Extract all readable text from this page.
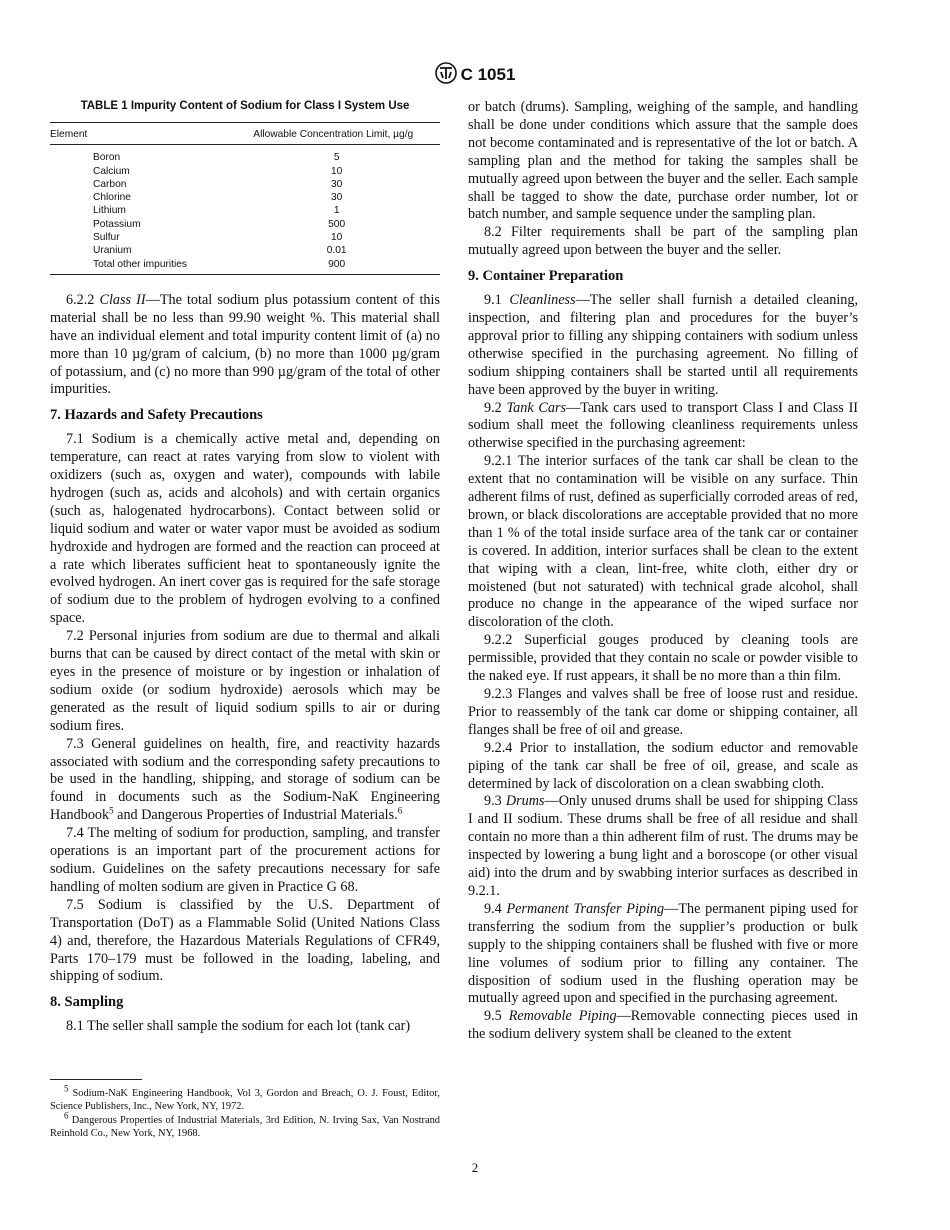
C 1051
TABLE 1 Impurity Content of Sodium for Class I System Use
Element	Allowable Concentration Limit, µg/g
Boron	5
Calcium	10
Carbon	30
Chlorine	30
Lithium	1
Potassium	500
Sulfur	10
Uranium	0.01
Total other impurities	900

6.2.2 Class II—The total sodium plus potassium content of this material shall be no less than 99.90 weight %. This material shall have an individual element and total impurity content limit of (a) no more than 10 µg/gram of calcium, (b) no more than 1000 µg/gram of potassium, and (c) no more than 990 µg/gram of the total of other impurities.

7. Hazards and Safety Precautions

7.1 Sodium is a chemically active metal and, depending on temperature, can react at rates varying from slow to violent with oxidizers (such as, oxygen and water), compounds with labile hydrogen (such as, acids and alcohols) and with certain organics (such as, halogenated hydrocarbons). Contact between solid or liquid sodium and water or water vapor must be avoided as sodium hydroxide and hydrogen are formed and the reaction can proceed at a rate which liberates sufficient heat to spontaneously ignite the evolved hydrogen. An inert cover gas is required for the safe storage of sodium due to the problem of hydrogen evolving to a confined space.

7.2 Personal injuries from sodium are due to thermal and alkali burns that can be caused by direct contact of the metal with skin or eyes in the presence of moisture or by ingestion or inhalation of sodium oxide (or sodium hydroxide) aerosols which may be generated as the result of liquid sodium spills to air or during sodium fires.

7.3 General guidelines on health, fire, and reactivity hazards associated with sodium and the corresponding safety precautions to be used in the handling, shipping, and storage of sodium can be found in documents such as the Sodium-NaK Engineering Handbook$^5$ and Dangerous Properties of Industrial Materials.$^6$

7.4 The melting of sodium for production, sampling, and transfer operations is an important part of the procurement actions for sodium. Guidelines on the safety precautions necessary for safe handling of molten sodium are given in Practice G 68.

7.5 Sodium is classified by the U.S. Department of Transportation (DoT) as a Flammable Solid (United Nations Class 4) and, therefore, the Hazardous Materials Regulations of CFR49, Parts 170–179 must be followed in the loading, labeling, and shipping of sodium.

8. Sampling

8.1 The seller shall sample the sodium for each lot (tank car)

$^5$ Sodium-NaK Engineering Handbook, Vol 3, Gordon and Breach, O. J. Foust, Editor, Science Publishers, Inc., New York, NY, 1972.

$^6$ Dangerous Properties of Industrial Materials, 3rd Edition, N. Irving Sax, Van Nostrand Reinhold Co., New York, NY, 1968.

or batch (drums). Sampling, weighing of the sample, and handling shall be done under conditions which assure that the sample does not become contaminated and is representative of the lot or batch. A sampling plan and the method for taking the samples shall be mutually agreed upon between the buyer and the seller. Each sample shall be tagged to show the date, purchase order number, lot or batch number, and sample sequence under the sampling plan.

8.2 Filter requirements shall be part of the sampling plan mutually agreed upon between the buyer and the seller.

9. Container Preparation

9.1 Cleanliness—The seller shall furnish a detailed cleaning, inspection, and filtering plan and procedures for the buyer’s approval prior to filling any shipping containers with sodium unless otherwise specified in the purchasing agreement. No filling of sodium shipping containers shall be started until all requirements have been approved by the buyer in writing.

9.2 Tank Cars—Tank cars used to transport Class I and Class II sodium shall meet the following cleanliness requirements unless otherwise specified in the purchasing agreement:

9.2.1 The interior surfaces of the tank car shall be clean to the extent that no contamination will be visible on any surface. Thin adherent films of rust, defined as superficially corroded areas of red, brown, or black discolorations are acceptable provided that no more than 1 % of the total inside surface area of the tank car or container is covered. In addition, interior surfaces shall be clean to the extent that wiping with a clean, lint-free, white cloth, either dry or moistened (but not saturated) with technical grade alcohol, shall produce no change in the appearance of the wiped surface nor discoloration of the cloth.

9.2.2 Superficial gouges produced by cleaning tools are permissible, provided that they contain no scale or powder visible to the naked eye. If rust appears, it shall be no more than a thin film.

9.2.3 Flanges and valves shall be free of loose rust and residue. Prior to reassembly of the tank car dome or shipping container, all flanges shall be free of oil and grease.

9.2.4 Prior to installation, the sodium eductor and removable piping of the tank car shall be free of oil, grease, and scale as determined by lack of discoloration on a clean swabbing cloth.

9.3 Drums—Only unused drums shall be used for shipping Class I and II sodium. These drums shall be free of all residue and shall contain no more than a thin adherent film of rust. The drums may be inspected by lowering a bung light and a boroscope (or other visual aid) into the drum and by swabbing interior surfaces as described in 9.2.1.

9.4 Permanent Transfer Piping—The permanent piping used for transferring the sodium from the supplier’s production or bulk supply to the shipping containers shall be flushed with five or more line volumes of sodium prior to filling any container. The disposition of sodium used in the flushing operation may be mutually agreed upon and specified in the purchasing agreement.

9.5 Removable Piping—Removable connecting pieces used in the sodium delivery system shall be cleaned to the extent

2
